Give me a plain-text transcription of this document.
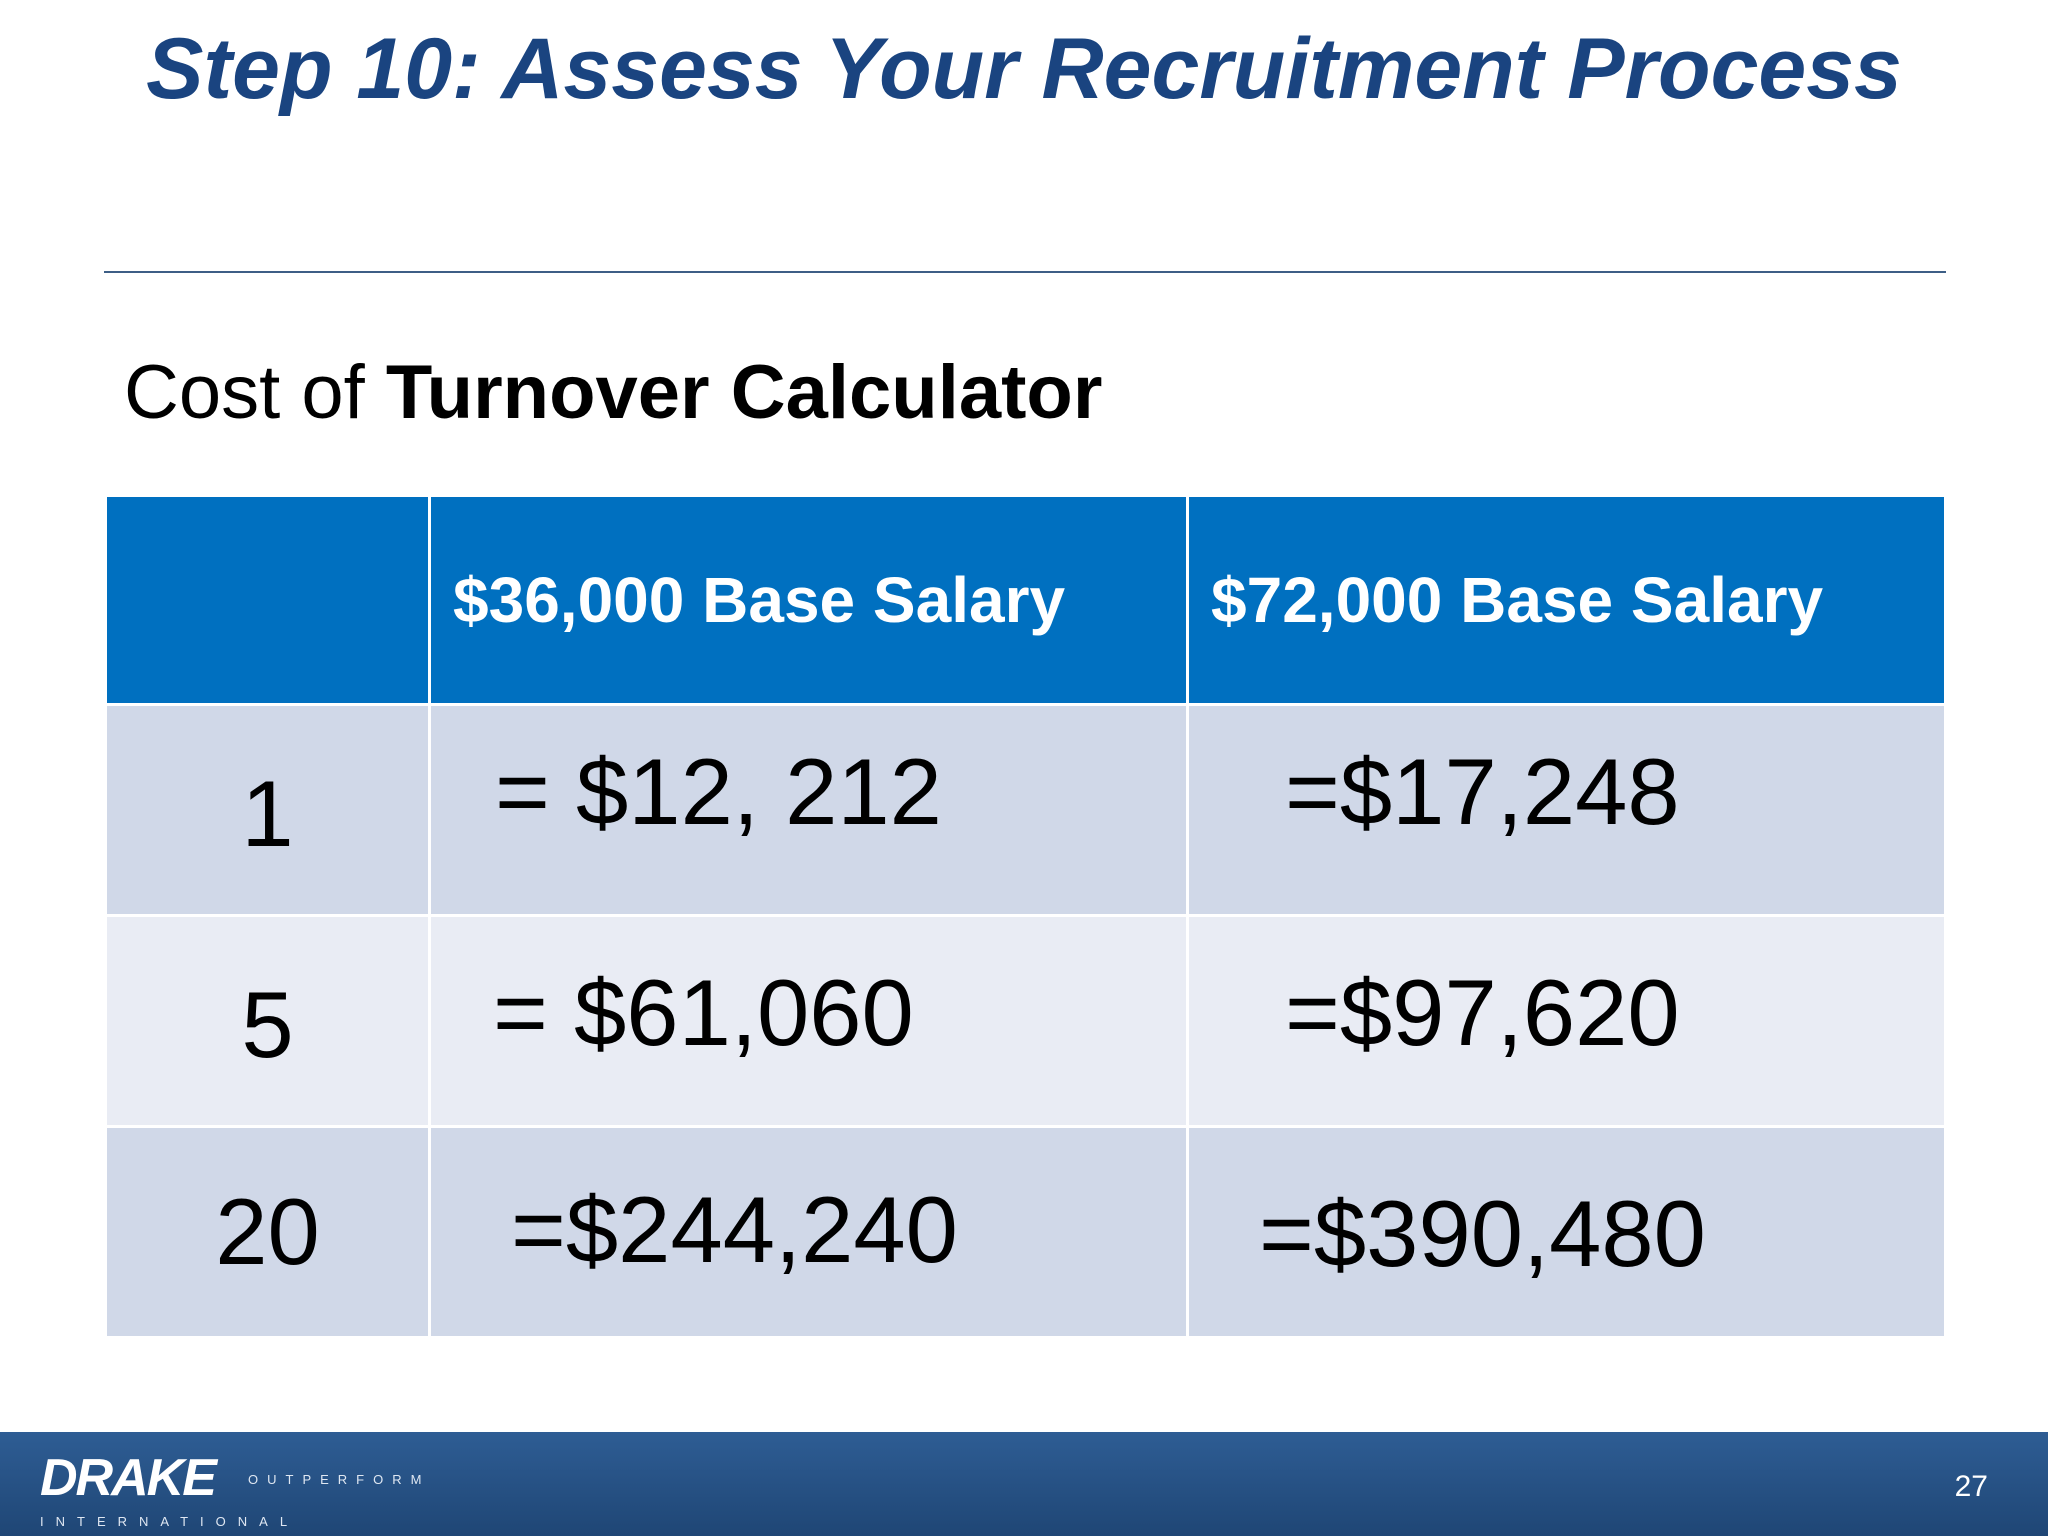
Step 10: Assess Your Recruitment Process
Cost of Turnover Calculator
	$36,000 Base Salary	$72,000 Base Salary
1	= $12, 212	=$17,248
5	= $61,060	=$97,620
20	=$244,240	=$390,480
DRAKE	OUTPERFORM
INTERNATIONAL
27
